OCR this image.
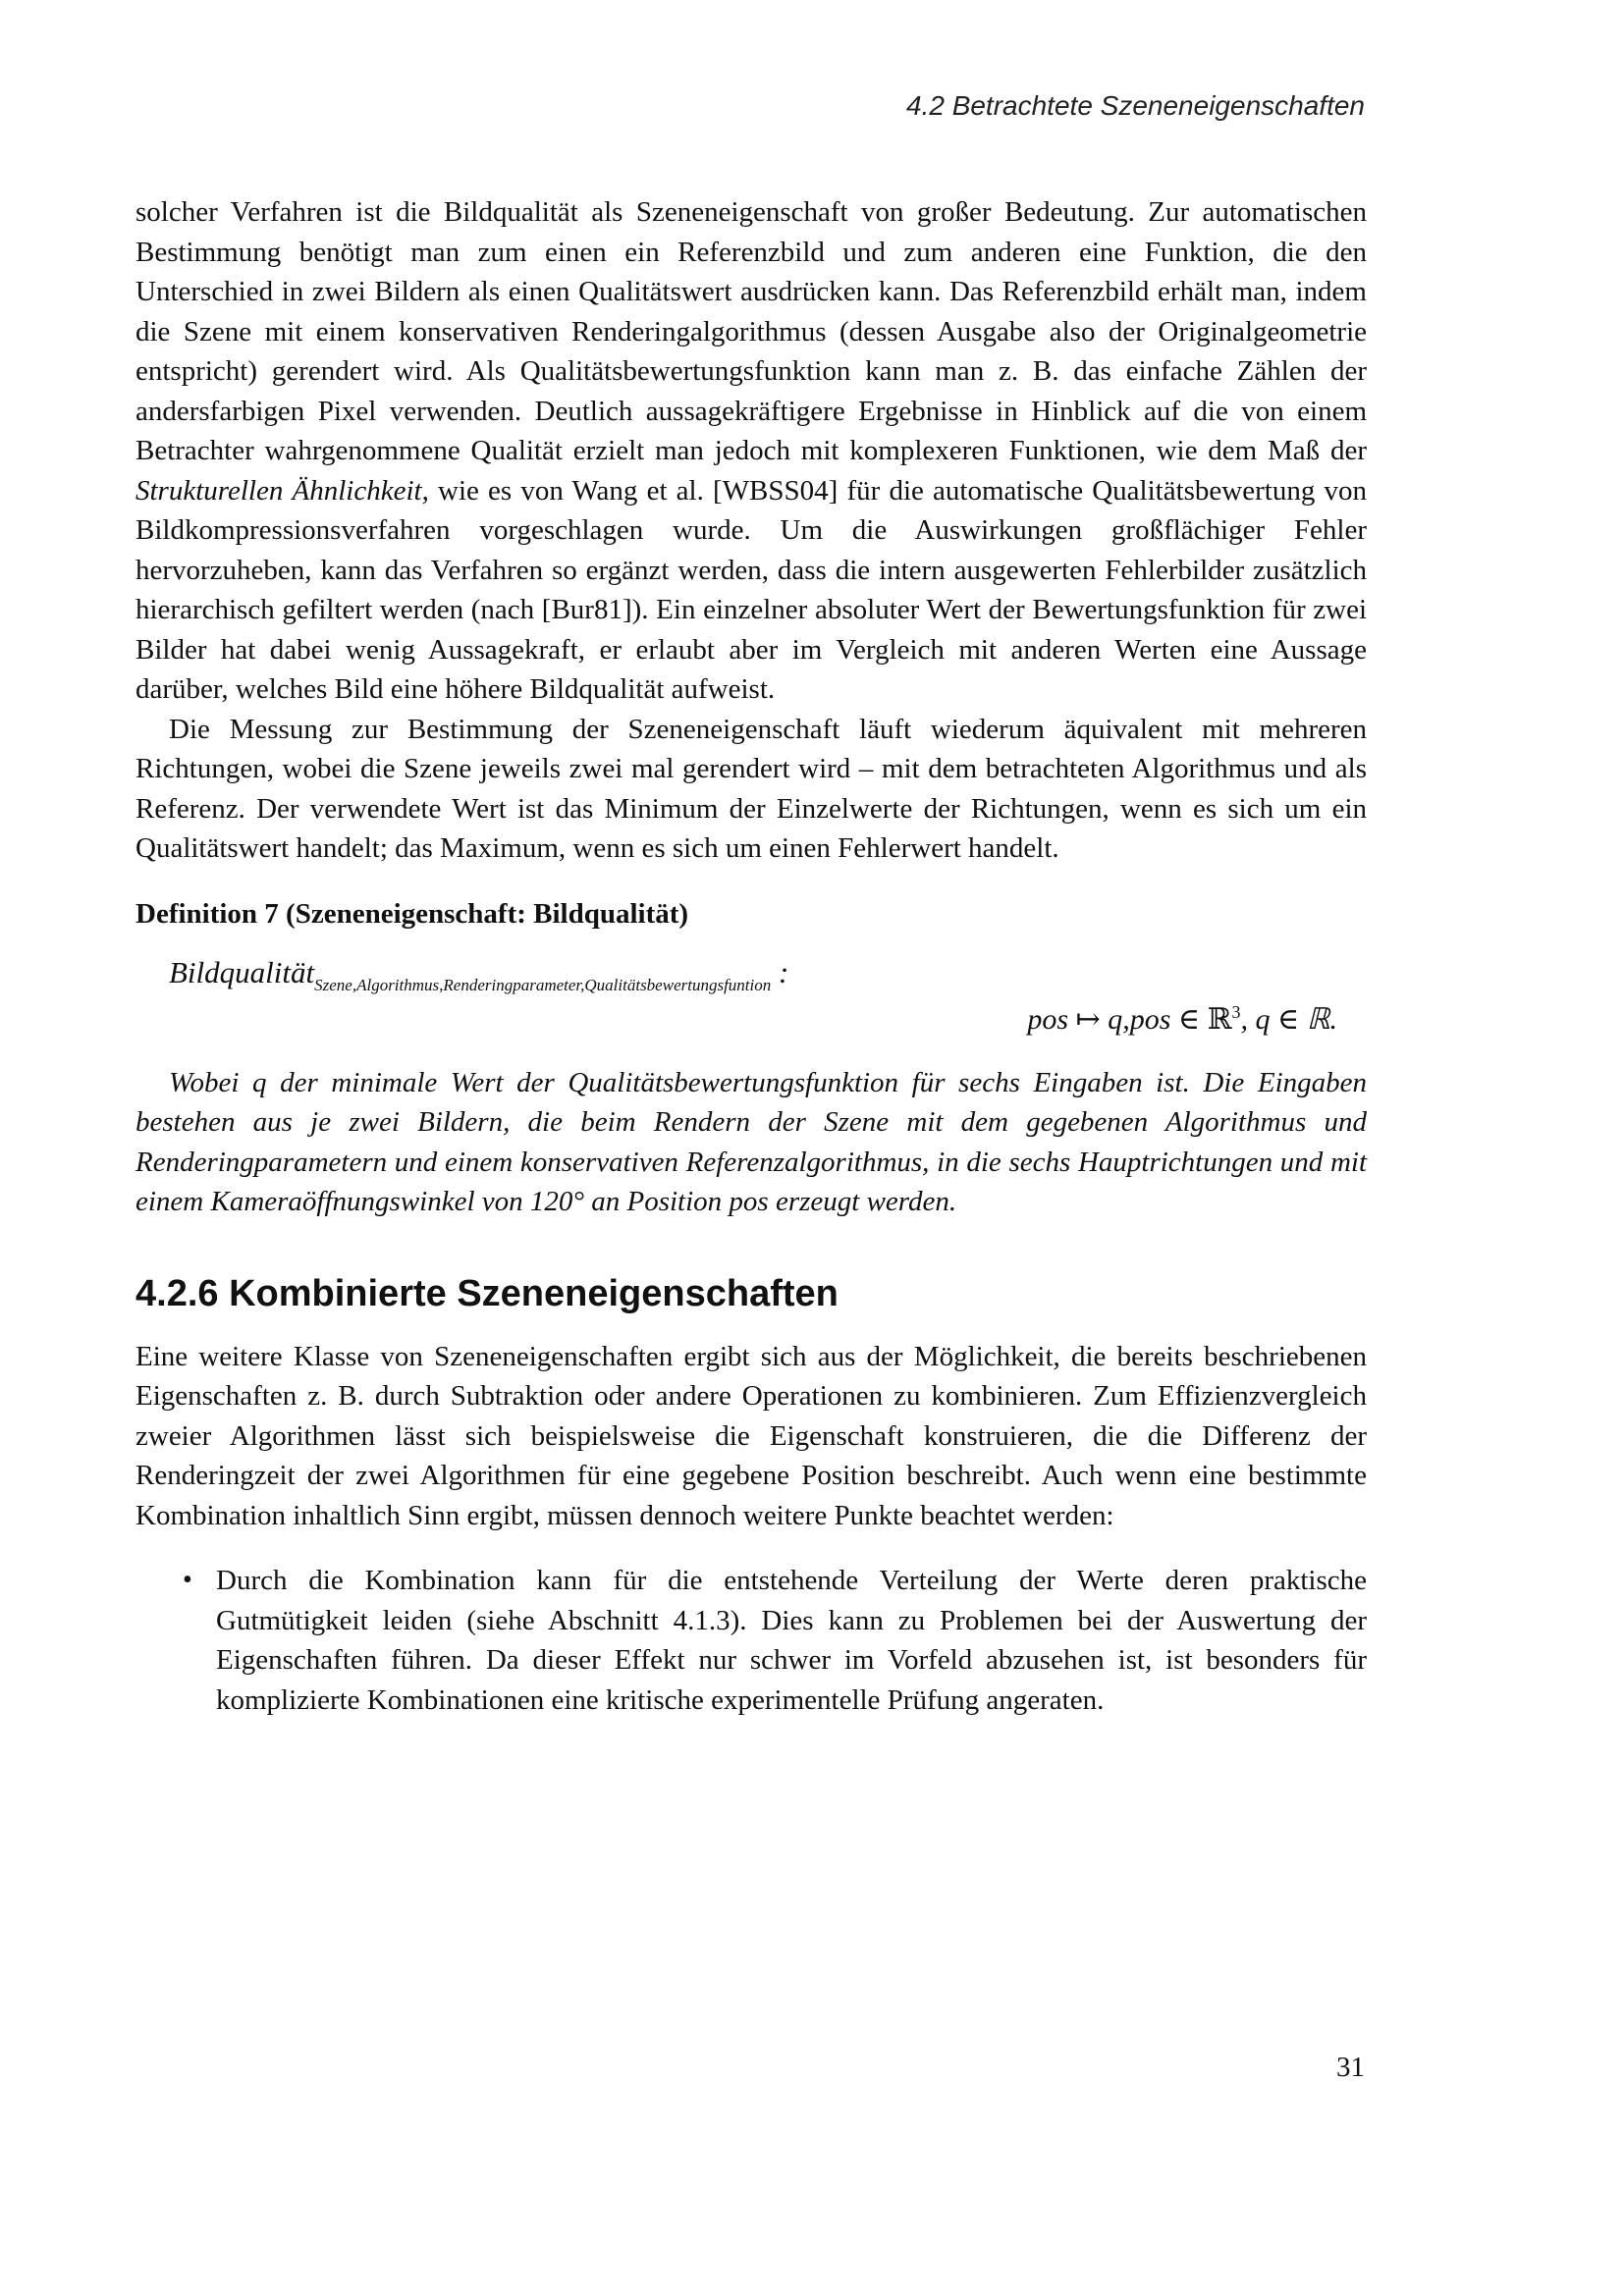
4.2 Betrachtete Szeneneigenschaften

solcher Verfahren ist die Bildqualität als Szeneneigenschaft von großer Bedeutung. Zur automatischen Bestimmung benötigt man zum einen ein Referenzbild und zum anderen eine Funktion, die den Unterschied in zwei Bildern als einen Qualitätswert ausdrücken kann. Das Referenzbild erhält man, indem die Szene mit einem konservativen Renderingalgorithmus (dessen Ausgabe also der Originalgeometrie entspricht) gerendert wird. Als Qualitätsbewertungsfunktion kann man z. B. das einfache Zählen der andersfarbigen Pixel verwenden. Deutlich aussagekräftigere Ergebnisse in Hinblick auf die von einem Betrachter wahrgenommene Qualität erzielt man jedoch mit komplexeren Funktionen, wie dem Maß der Strukturellen Ähnlichkeit, wie es von Wang et al. [WBSS04] für die automatische Qualitätsbewertung von Bildkompressionsverfahren vorgeschlagen wurde. Um die Auswirkungen großflächiger Fehler hervorzuheben, kann das Verfahren so ergänzt werden, dass die intern ausgewerten Fehlerbilder zusätzlich hierarchisch gefiltert werden (nach [Bur81]). Ein einzelner absoluter Wert der Bewertungsfunktion für zwei Bilder hat dabei wenig Aussagekraft, er erlaubt aber im Vergleich mit anderen Werten eine Aussage darüber, welches Bild eine höhere Bildqualität aufweist.

Die Messung zur Bestimmung der Szeneneigenschaft läuft wiederum äquivalent mit mehreren Richtungen, wobei die Szene jeweils zwei mal gerendert wird – mit dem betrachteten Algorithmus und als Referenz. Der verwendete Wert ist das Minimum der Einzelwerte der Richtungen, wenn es sich um ein Qualitätswert handelt; das Maximum, wenn es sich um einen Fehlerwert handelt.

Definition 7 (Szeneneigenschaft: Bildqualität)
Bildqualität$_{Szene,Algorithmus,Renderingparameter,Qualitätsbewertungsfuntion}$ :
pos ↦ q,pos ∈ ℝ$^3$, q ∈ ℝ.

Wobei q der minimale Wert der Qualitätsbewertungsfunktion für sechs Eingaben ist. Die Eingaben bestehen aus je zwei Bildern, die beim Rendern der Szene mit dem gegebenen Algorithmus und Renderingparametern und einem konservativen Referenzalgorithmus, in die sechs Hauptrichtungen und mit einem Kameraöffnungswinkel von 120° an Position pos erzeugt werden.

4.2.6 Kombinierte Szeneneigenschaften

Eine weitere Klasse von Szeneneigenschaften ergibt sich aus der Möglichkeit, die bereits beschriebenen Eigenschaften z. B. durch Subtraktion oder andere Operationen zu kombinieren. Zum Effizienzvergleich zweier Algorithmen lässt sich beispielsweise die Eigenschaft konstruieren, die die Differenz der Renderingzeit der zwei Algorithmen für eine gegebene Position beschreibt. Auch wenn eine bestimmte Kombination inhaltlich Sinn ergibt, müssen dennoch weitere Punkte beachtet werden:

• Durch die Kombination kann für die entstehende Verteilung der Werte deren praktische Gutmütigkeit leiden (siehe Abschnitt 4.1.3). Dies kann zu Problemen bei der Auswertung der Eigenschaften führen. Da dieser Effekt nur schwer im Vorfeld abzusehen ist, ist besonders für komplizierte Kombinationen eine kritische experimentelle Prüfung angeraten.
31
